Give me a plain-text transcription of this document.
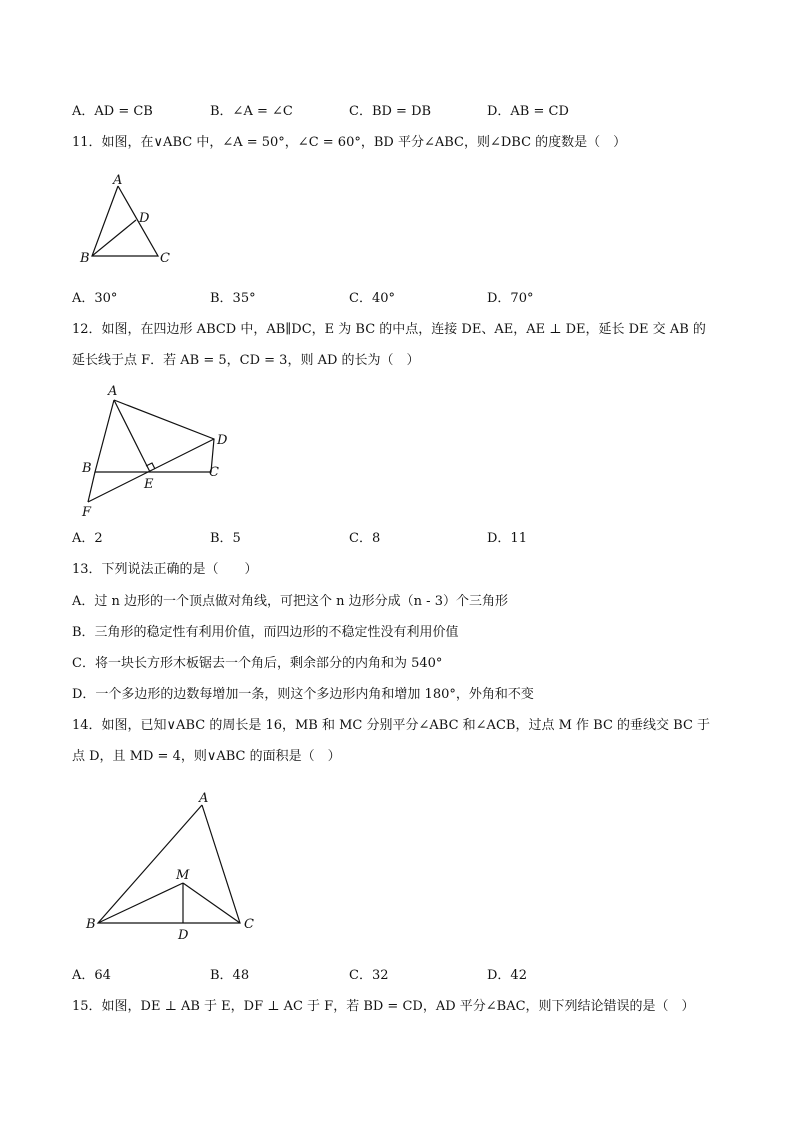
A．AD = CB	B．∠A = ∠C	C．BD = DB	D．AB = CD
11．如图，在∨ABC 中，∠A = 50°，∠C = 60°，BD 平分∠ABC，则∠DBC 的度数是（　）
A
B	C
D
A．30°	B．35°	C．40°	D．70°
12．如图，在四边形 ABCD 中，AB∥DC，E 为 BC 的中点，连接 DE、AE，AE ⊥ DE，延长 DE 交 AB 的
延长线于点 F．若 AB = 5，CD = 3，则 AD 的长为（　）
A
B	C
D
E
F
A．2	B．5	C．8	D．11
13．下列说法正确的是（　　）
A．过 n 边形的一个顶点做对角线，可把这个 n 边形分成（n - 3）个三角形
B．三角形的稳定性有利用价值，而四边形的不稳定性没有利用价值
C．将一块长方形木板锯去一个角后，剩余部分的内角和为 540°
D．一个多边形的边数每增加一条，则这个多边形内角和增加 180°，外角和不变
14．如图，已知∨ABC 的周长是 16，MB 和 MC 分别平分∠ABC 和∠ACB，过点 M 作 BC 的垂线交 BC 于
点 D，且 MD = 4，则∨ABC 的面积是（　）
A
B	C
D
M
A．64	B．48	C．32	D．42
15．如图，DE ⊥ AB 于 E，DF ⊥ AC 于 F，若 BD = CD，AD 平分∠BAC，则下列结论错误的是（　）
